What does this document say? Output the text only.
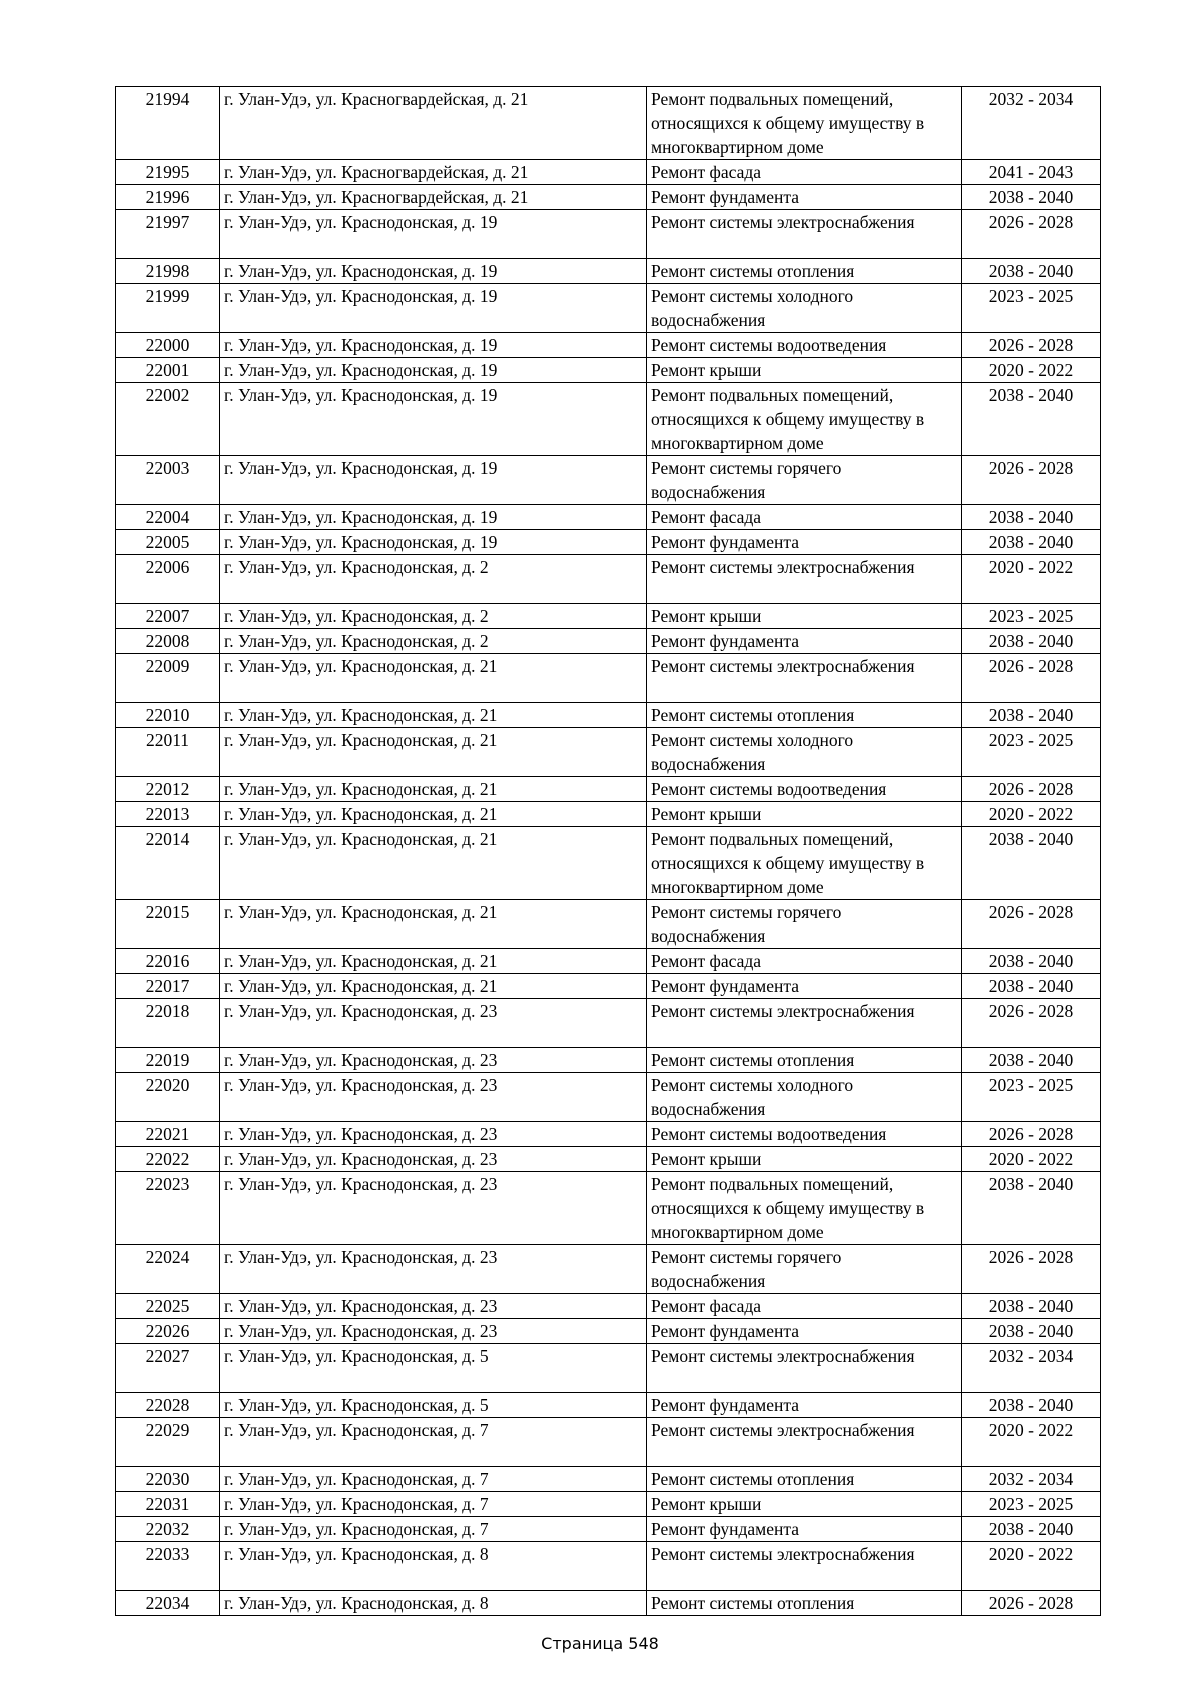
21994	г. Улан-Удэ, ул. Красногвардейская, д. 21	Ремонт подвальных помещений, относящихся к общему имуществу в многоквартирном доме	2032 - 2034
21995	г. Улан-Удэ, ул. Красногвардейская, д. 21	Ремонт фасада	2041 - 2043
21996	г. Улан-Удэ, ул. Красногвардейская, д. 21	Ремонт фундамента	2038 - 2040
21997	г. Улан-Удэ, ул. Краснодонская, д. 19	Ремонт системы электроснабжения	2026 - 2028
21998	г. Улан-Удэ, ул. Краснодонская, д. 19	Ремонт системы отопления	2038 - 2040
21999	г. Улан-Удэ, ул. Краснодонская, д. 19	Ремонт системы холодного водоснабжения	2023 - 2025
22000	г. Улан-Удэ, ул. Краснодонская, д. 19	Ремонт системы водоотведения	2026 - 2028
22001	г. Улан-Удэ, ул. Краснодонская, д. 19	Ремонт крыши	2020 - 2022
22002	г. Улан-Удэ, ул. Краснодонская, д. 19	Ремонт подвальных помещений, относящихся к общему имуществу в многоквартирном доме	2038 - 2040
22003	г. Улан-Удэ, ул. Краснодонская, д. 19	Ремонт системы горячего водоснабжения	2026 - 2028
22004	г. Улан-Удэ, ул. Краснодонская, д. 19	Ремонт фасада	2038 - 2040
22005	г. Улан-Удэ, ул. Краснодонская, д. 19	Ремонт фундамента	2038 - 2040
22006	г. Улан-Удэ, ул. Краснодонская, д. 2	Ремонт системы электроснабжения	2020 - 2022
22007	г. Улан-Удэ, ул. Краснодонская, д. 2	Ремонт крыши	2023 - 2025
22008	г. Улан-Удэ, ул. Краснодонская, д. 2	Ремонт фундамента	2038 - 2040
22009	г. Улан-Удэ, ул. Краснодонская, д. 21	Ремонт системы электроснабжения	2026 - 2028
22010	г. Улан-Удэ, ул. Краснодонская, д. 21	Ремонт системы отопления	2038 - 2040
22011	г. Улан-Удэ, ул. Краснодонская, д. 21	Ремонт системы холодного водоснабжения	2023 - 2025
22012	г. Улан-Удэ, ул. Краснодонская, д. 21	Ремонт системы водоотведения	2026 - 2028
22013	г. Улан-Удэ, ул. Краснодонская, д. 21	Ремонт крыши	2020 - 2022
22014	г. Улан-Удэ, ул. Краснодонская, д. 21	Ремонт подвальных помещений, относящихся к общему имуществу в многоквартирном доме	2038 - 2040
22015	г. Улан-Удэ, ул. Краснодонская, д. 21	Ремонт системы горячего водоснабжения	2026 - 2028
22016	г. Улан-Удэ, ул. Краснодонская, д. 21	Ремонт фасада	2038 - 2040
22017	г. Улан-Удэ, ул. Краснодонская, д. 21	Ремонт фундамента	2038 - 2040
22018	г. Улан-Удэ, ул. Краснодонская, д. 23	Ремонт системы электроснабжения	2026 - 2028
22019	г. Улан-Удэ, ул. Краснодонская, д. 23	Ремонт системы отопления	2038 - 2040
22020	г. Улан-Удэ, ул. Краснодонская, д. 23	Ремонт системы холодного водоснабжения	2023 - 2025
22021	г. Улан-Удэ, ул. Краснодонская, д. 23	Ремонт системы водоотведения	2026 - 2028
22022	г. Улан-Удэ, ул. Краснодонская, д. 23	Ремонт крыши	2020 - 2022
22023	г. Улан-Удэ, ул. Краснодонская, д. 23	Ремонт подвальных помещений, относящихся к общему имуществу в многоквартирном доме	2038 - 2040
22024	г. Улан-Удэ, ул. Краснодонская, д. 23	Ремонт системы горячего водоснабжения	2026 - 2028
22025	г. Улан-Удэ, ул. Краснодонская, д. 23	Ремонт фасада	2038 - 2040
22026	г. Улан-Удэ, ул. Краснодонская, д. 23	Ремонт фундамента	2038 - 2040
22027	г. Улан-Удэ, ул. Краснодонская, д. 5	Ремонт системы электроснабжения	2032 - 2034
22028	г. Улан-Удэ, ул. Краснодонская, д. 5	Ремонт фундамента	2038 - 2040
22029	г. Улан-Удэ, ул. Краснодонская, д. 7	Ремонт системы электроснабжения	2020 - 2022
22030	г. Улан-Удэ, ул. Краснодонская, д. 7	Ремонт системы отопления	2032 - 2034
22031	г. Улан-Удэ, ул. Краснодонская, д. 7	Ремонт крыши	2023 - 2025
22032	г. Улан-Удэ, ул. Краснодонская, д. 7	Ремонт фундамента	2038 - 2040
22033	г. Улан-Удэ, ул. Краснодонская, д. 8	Ремонт системы электроснабжения	2020 - 2022
22034	г. Улан-Удэ, ул. Краснодонская, д. 8	Ремонт системы отопления	2026 - 2028
Страница 548
